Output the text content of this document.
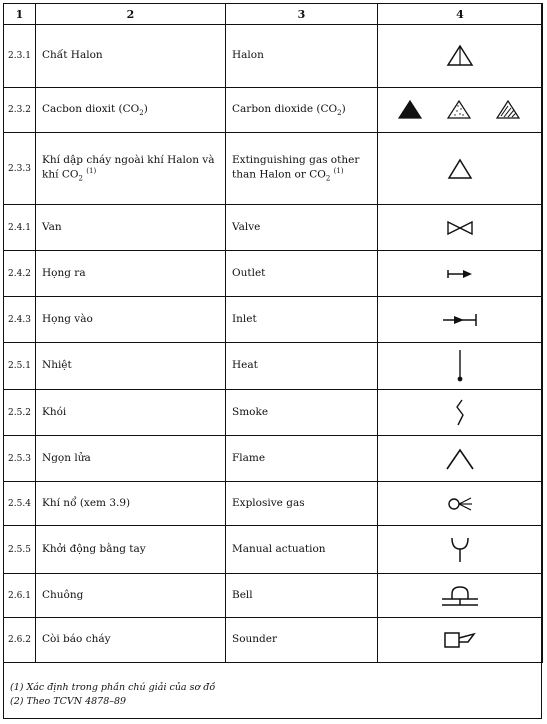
1	2	3	4
2.3.1	Chất Halon	Halon	

2.3.2	Cacbon dioxit $(CO_2)$	Carbon dioxide $(CO_2)$	

2.3.3	Khí dập cháy ngoài khí Halon và khí $CO_2$ $^{(1)}$	Extinguishing gas other than Halon or $CO_2$ $^{(1)}$	

2.4.1	Van	Valve	

2.4.2	Họng ra	Outlet	

2.4.3	Họng vào	Inlet	

2.5.1	Nhiệt	Heat	

2.5.2	Khói	Smoke	

2.5.3	Ngọn lửa	Flame	

2.5.4	Khí nổ (xem 3.9)	Explosive gas	

2.5.5	Khởi động bằng tay	Manual actuation	

2.6.1	Chuông	Bell	

2.6.2	Còi báo cháy	Sounder	
(1) Xác định trong phần chú giải của sơ đồ
(2) Theo TCVN 4878–89
